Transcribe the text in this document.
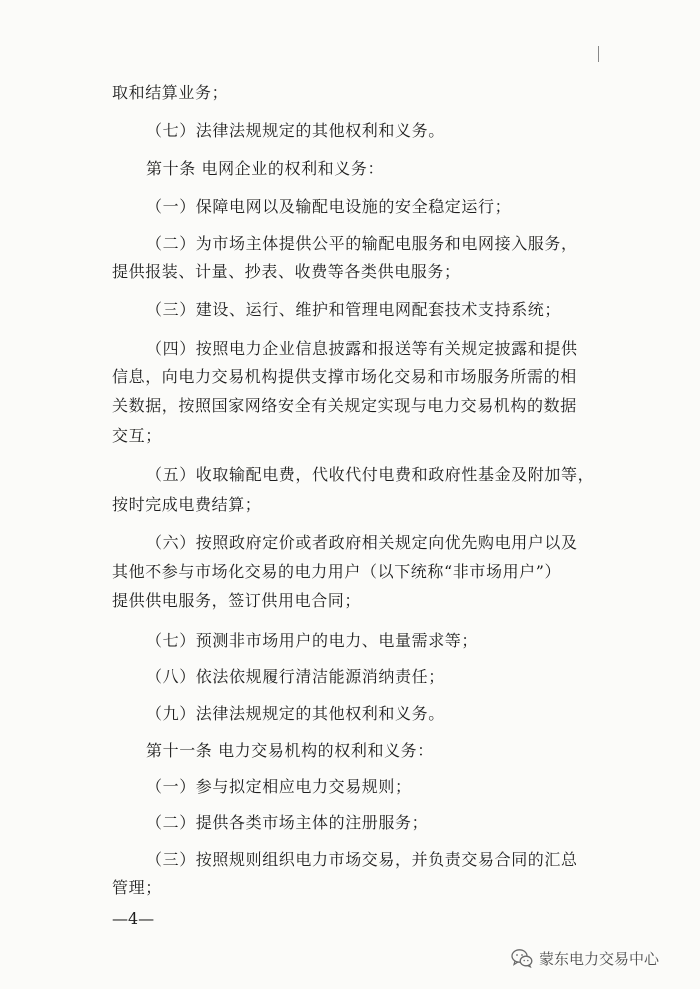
取和结算业务；
（七）法律法规规定的其他权利和义务。
第十条 电网企业的权利和义务：
（一）保障电网以及输配电设施的安全稳定运行；
（二）为市场主体提供公平的输配电服务和电网接入服务，
提供报装、计量、抄表、收费等各类供电服务；
（三）建设、运行、维护和管理电网配套技术支持系统；
（四）按照电力企业信息披露和报送等有关规定披露和提供
信息，向电力交易机构提供支撑市场化交易和市场服务所需的相
关数据，按照国家网络安全有关规定实现与电力交易机构的数据
交互；
（五）收取输配电费，代收代付电费和政府性基金及附加等，
按时完成电费结算；
（六）按照政府定价或者政府相关规定向优先购电用户以及
其他不参与市场化交易的电力用户（以下统称“非市场用户”）
提供供电服务，签订供用电合同；
（七）预测非市场用户的电力、电量需求等；
（八）依法依规履行清洁能源消纳责任；
（九）法律法规规定的其他权利和义务。
第十一条 电力交易机构的权利和义务：
（一）参与拟定相应电力交易规则；
（二）提供各类市场主体的注册服务；
（三）按照规则组织电力市场交易，并负责交易合同的汇总
管理；
—4—
蒙东电力交易中心
